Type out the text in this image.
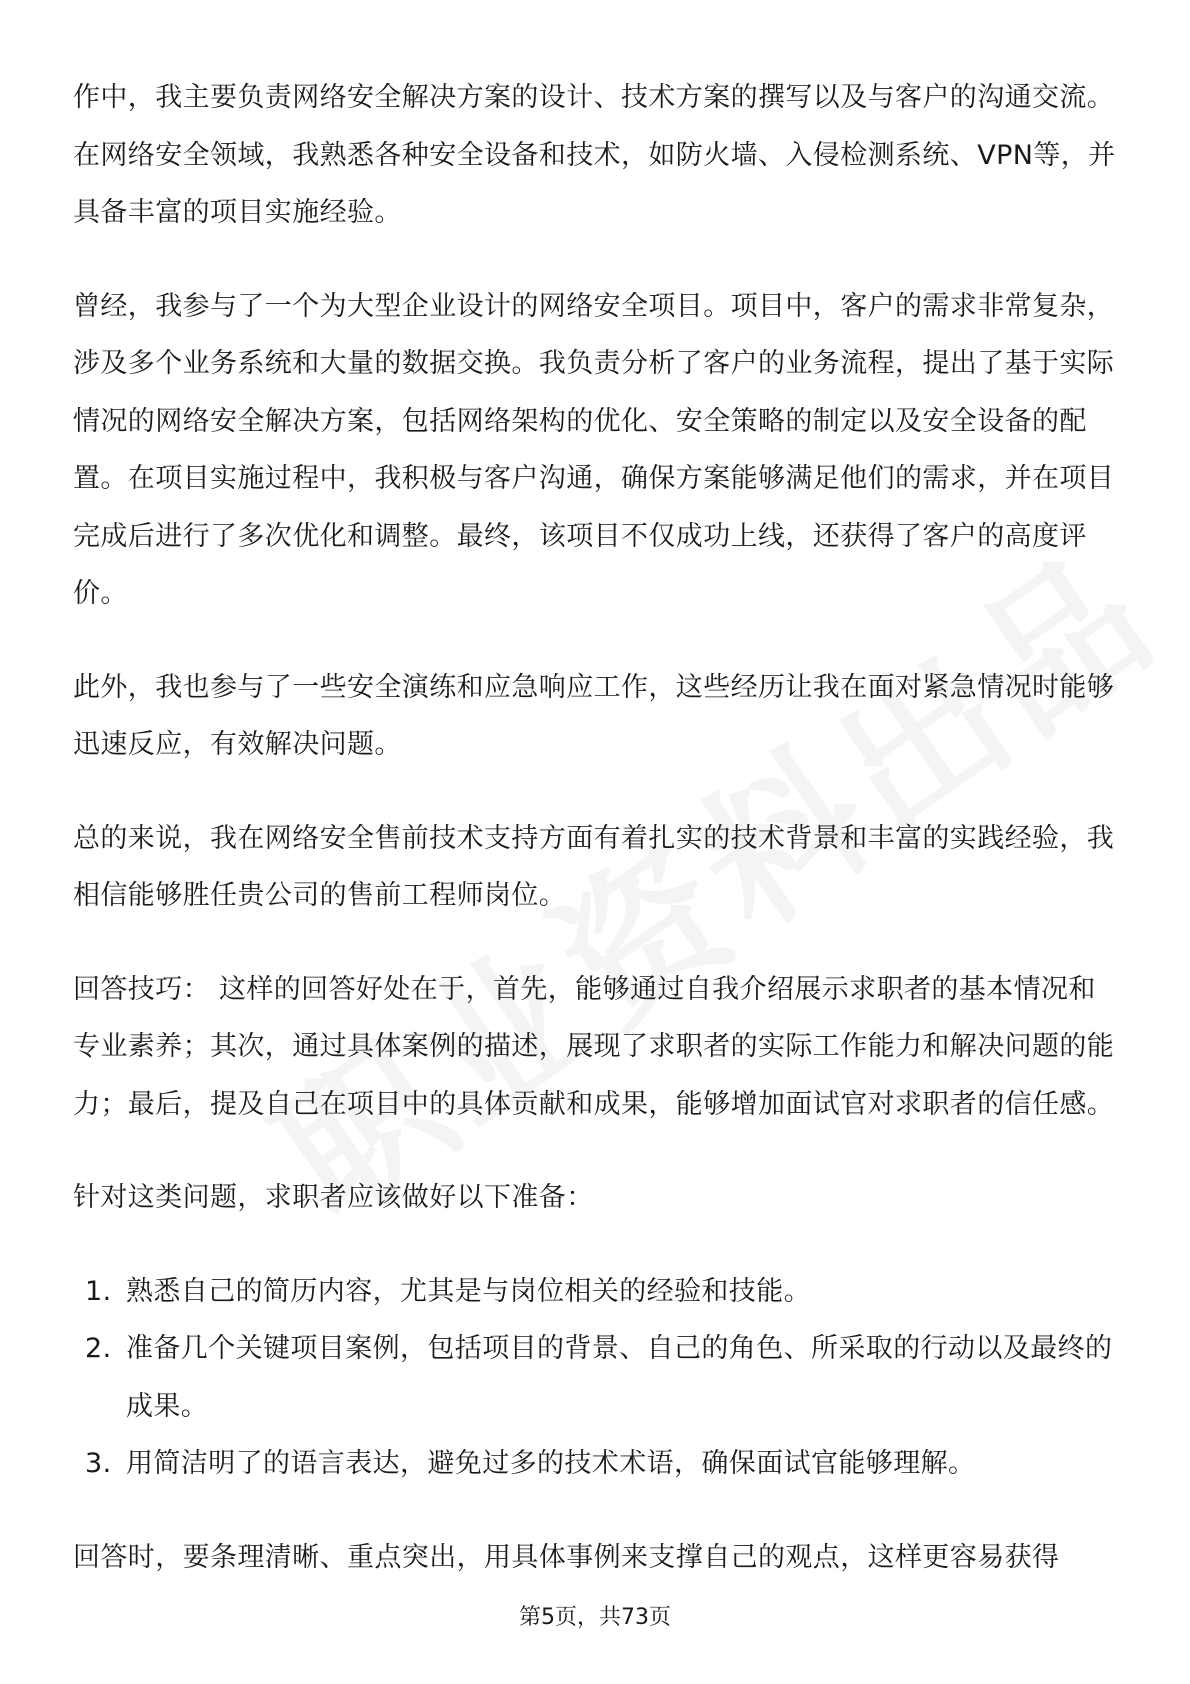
作中，我主要负责网络安全解决方案的设计、技术方案的撰写以及与客户的沟通交流。在网络安全领域，我熟悉各种安全设备和技术，如防火墙、入侵检测系统、VPN等，并具备丰富的项目实施经验。

曾经，我参与了一个为大型企业设计的网络安全项目。项目中，客户的需求非常复杂，涉及多个业务系统和大量的数据交换。我负责分析了客户的业务流程，提出了基于实际情况的网络安全解决方案，包括网络架构的优化、安全策略的制定以及安全设备的配置。在项目实施过程中，我积极与客户沟通，确保方案能够满足他们的需求，并在项目完成后进行了多次优化和调整。最终，该项目不仅成功上线，还获得了客户的高度评价。

此外，我也参与了一些安全演练和应急响应工作，这些经历让我在面对紧急情况时能够迅速反应，有效解决问题。

总的来说，我在网络安全售前技术支持方面有着扎实的技术背景和丰富的实践经验，我相信能够胜任贵公司的售前工程师岗位。

回答技巧： 这样的回答好处在于，首先，能够通过自我介绍展示求职者的基本情况和专业素养；其次，通过具体案例的描述，展现了求职者的实际工作能力和解决问题的能力；最后，提及自己在项目中的具体贡献和成果，能够增加面试官对求职者的信任感。

针对这类问题，求职者应该做好以下准备：

1. 熟悉自己的简历内容，尤其是与岗位相关的经验和技能。
2. 准备几个关键项目案例，包括项目的背景、自己的角色、所采取的行动以及最终的成果。
3. 用简洁明了的语言表达，避免过多的技术术语，确保面试官能够理解。

回答时，要条理清晰、重点突出，用具体事例来支撑自己的观点，这样更容易获得

第5页，共73页
